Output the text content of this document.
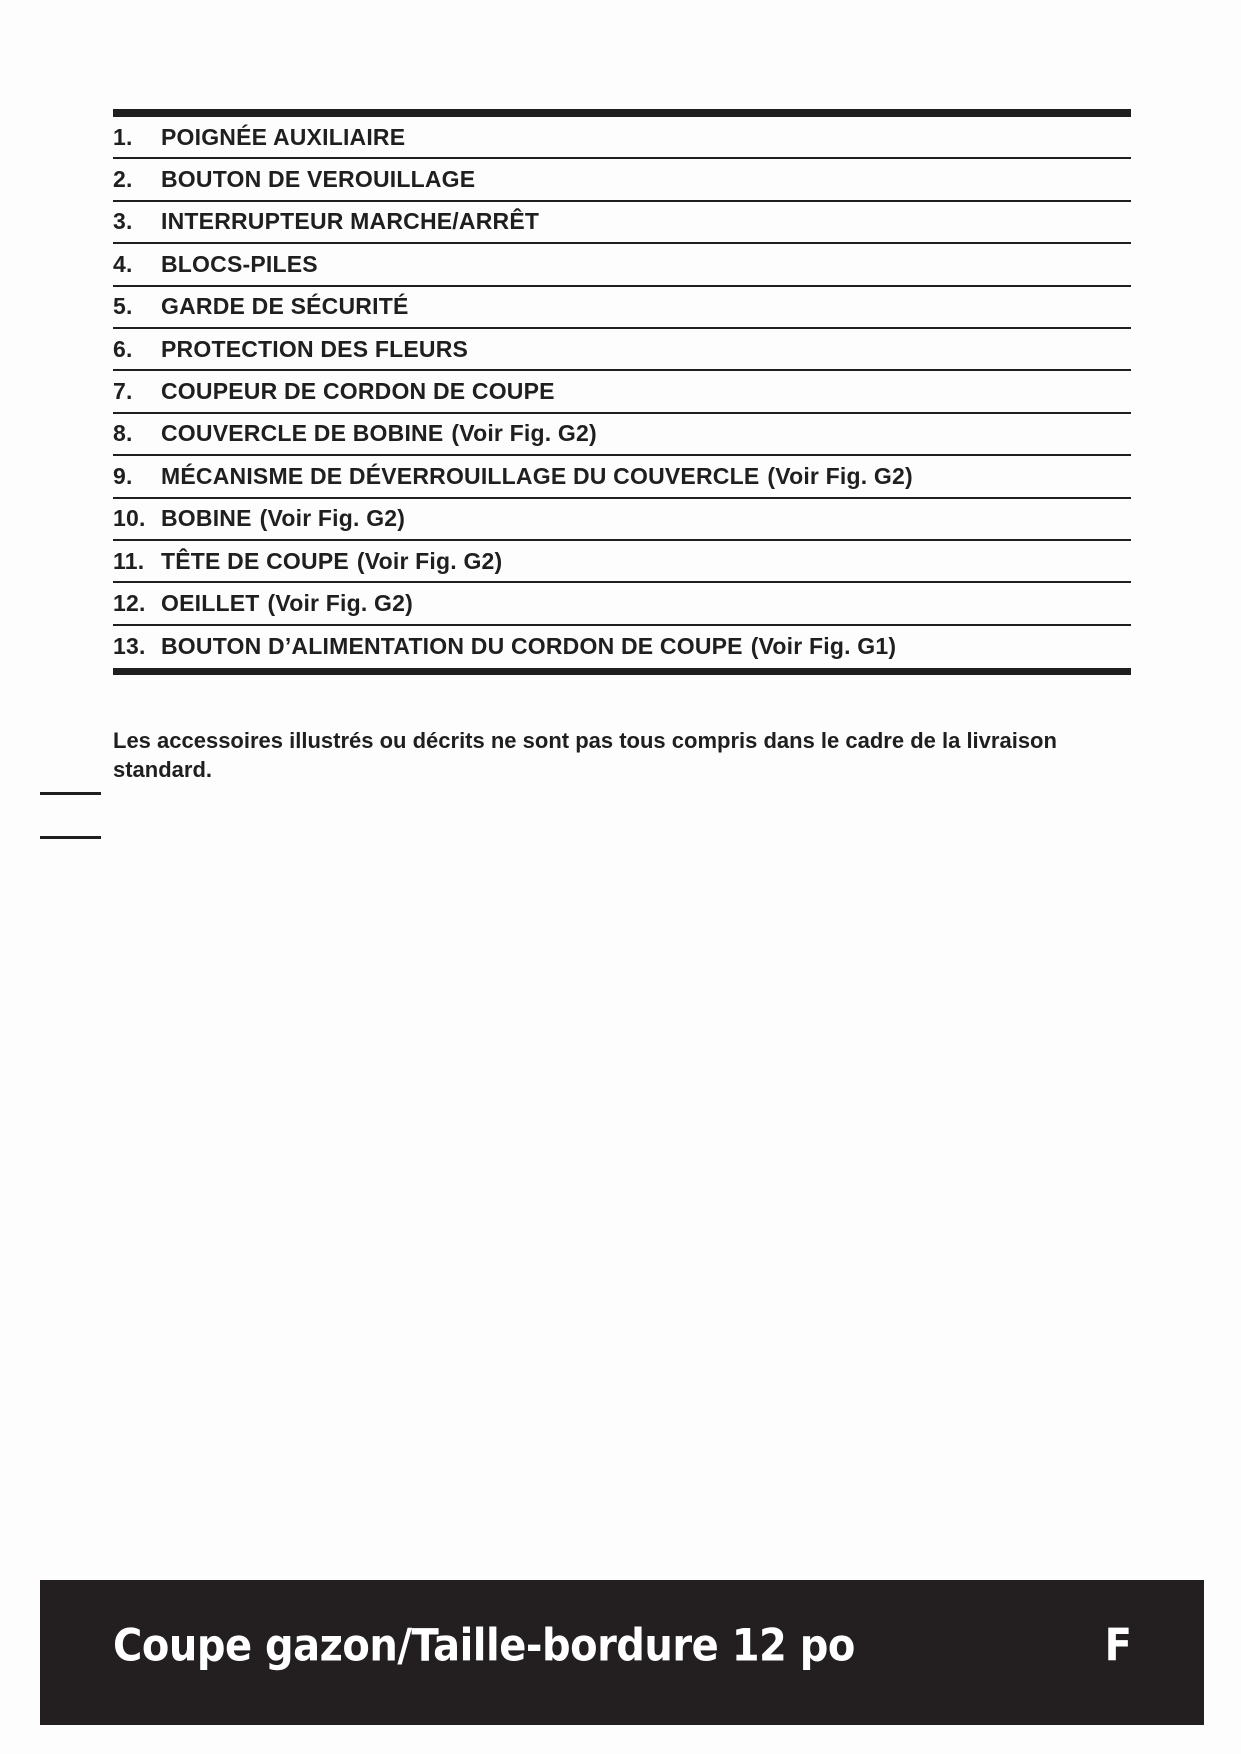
1.	POIGNÉE AUXILIAIRE
2.	BOUTON DE VEROUILLAGE
3.	INTERRUPTEUR MARCHE/ARRÊT
4.	BLOCS-PILES
5.	GARDE DE SÉCURITÉ
6.	PROTECTION DES FLEURS
7.	COUPEUR DE CORDON DE COUPE
8.	COUVERCLE DE BOBINE (Voir Fig. G2)
9.	MÉCANISME DE DÉVERROUILLAGE DU COUVERCLE (Voir Fig. G2)
10. BOBINE (Voir Fig. G2)
11. TÊTE DE COUPE (Voir Fig. G2)
12. OEILLET (Voir Fig. G2)
13. BOUTON D’ALIMENTATION DU CORDON DE COUPE (Voir Fig. G1)

Les accessoires illustrés ou décrits ne sont pas tous compris dans le cadre de la livraison standard.

Coupe gazon/Taille-bordure 12 po	F
